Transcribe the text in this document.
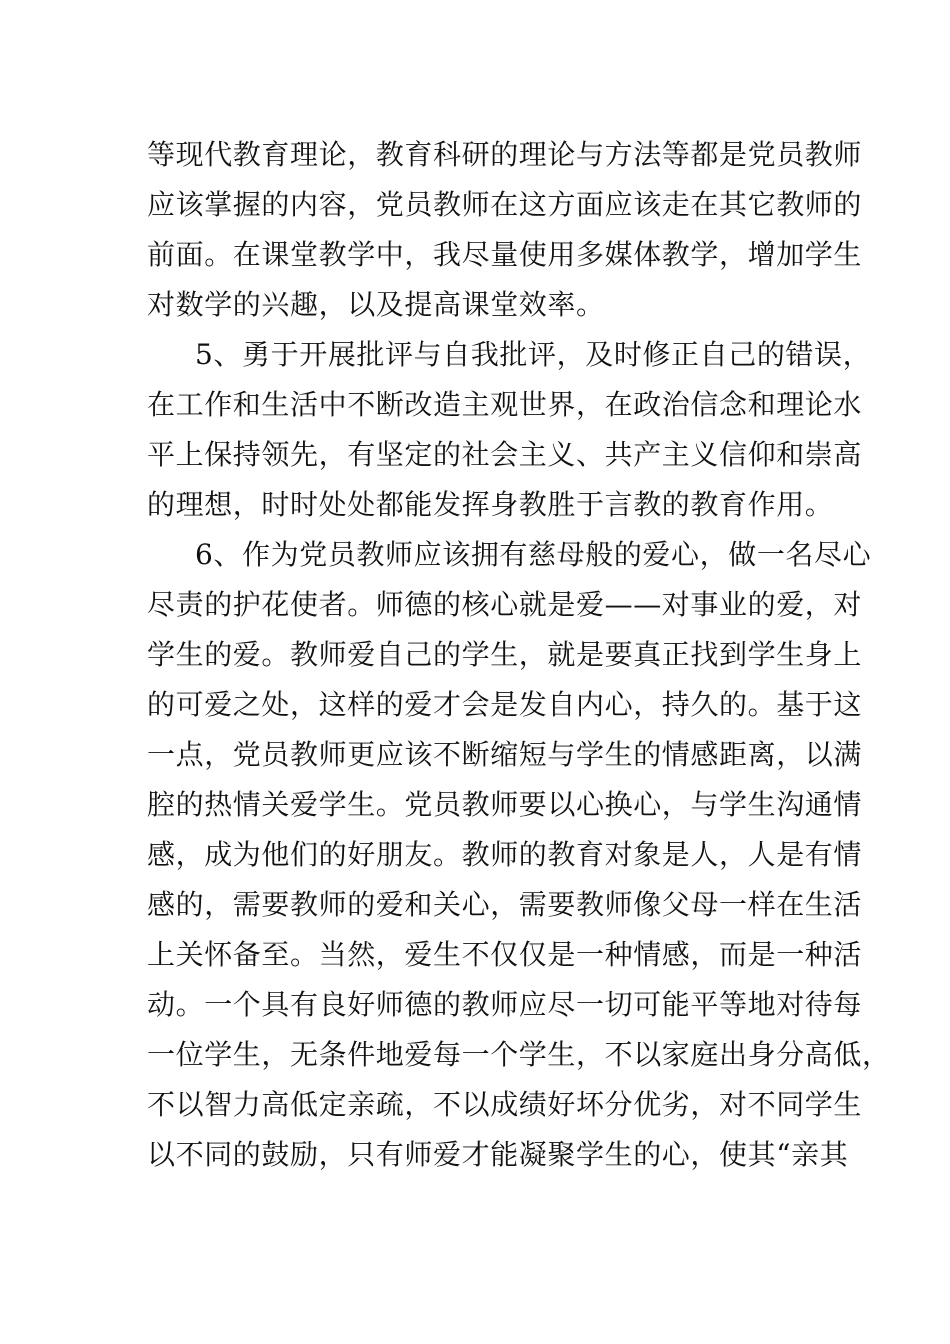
等现代教育理论，教育科研的理论与方法等都是党员教师
应该掌握的内容，党员教师在这方面应该走在其它教师的
前面。在课堂教学中，我尽量使用多媒体教学，增加学生
对数学的兴趣，以及提高课堂效率。
5、勇于开展批评与自我批评，及时修正自己的错误，
在工作和生活中不断改造主观世界，在政治信念和理论水
平上保持领先，有坚定的社会主义、共产主义信仰和崇高
的理想，时时处处都能发挥身教胜于言教的教育作用。
6、作为党员教师应该拥有慈母般的爱心，做一名尽心
尽责的护花使者。师德的核心就是爱——对事业的爱，对
学生的爱。教师爱自己的学生，就是要真正找到学生身上
的可爱之处，这样的爱才会是发自内心，持久的。基于这
一点，党员教师更应该不断缩短与学生的情感距离，以满
腔的热情关爱学生。党员教师要以心换心，与学生沟通情
感，成为他们的好朋友。教师的教育对象是人，人是有情
感的，需要教师的爱和关心，需要教师像父母一样在生活
上关怀备至。当然，爱生不仅仅是一种情感，而是一种活
动。一个具有良好师德的教师应尽一切可能平等地对待每
一位学生，无条件地爱每一个学生，不以家庭出身分高低，
不以智力高低定亲疏，不以成绩好坏分优劣，对不同学生
以不同的鼓励，只有师爱才能凝聚学生的心，使其“亲其
